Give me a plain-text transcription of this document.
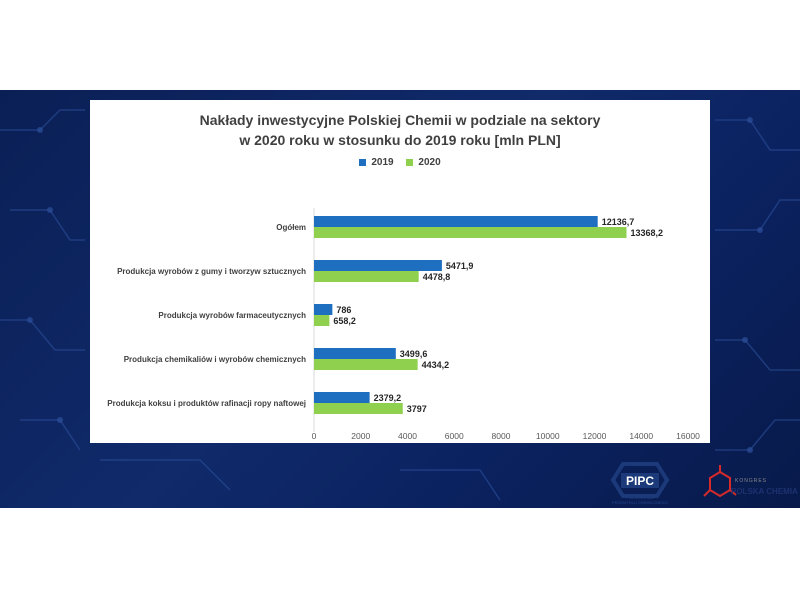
Nakłady inwestycyjne Polskiej Chemii w podziale na sektory
w 2020 roku w stosunku do 2019 roku [mln PLN]
2019
2020
Ogółem
12136,7
13368,2
Produkcja wyrobów z gumy i tworzyw sztucznych
5471,9
4478,8
Produkcja wyrobów farmaceutycznych
786
658,2
Produkcja chemikaliów i wyrobów chemicznych
3499,6
4434,2
Produkcja koksu i produktów rafinacji ropy naftowej
2379,2
3797
0	2000	4000	6000	8000	10000	12000	14000	16000
PIPC
POLSKA IZBA
PRZEMYSŁU CHEMICZNEGO
KONGRES
POLSKA CHEMIA
